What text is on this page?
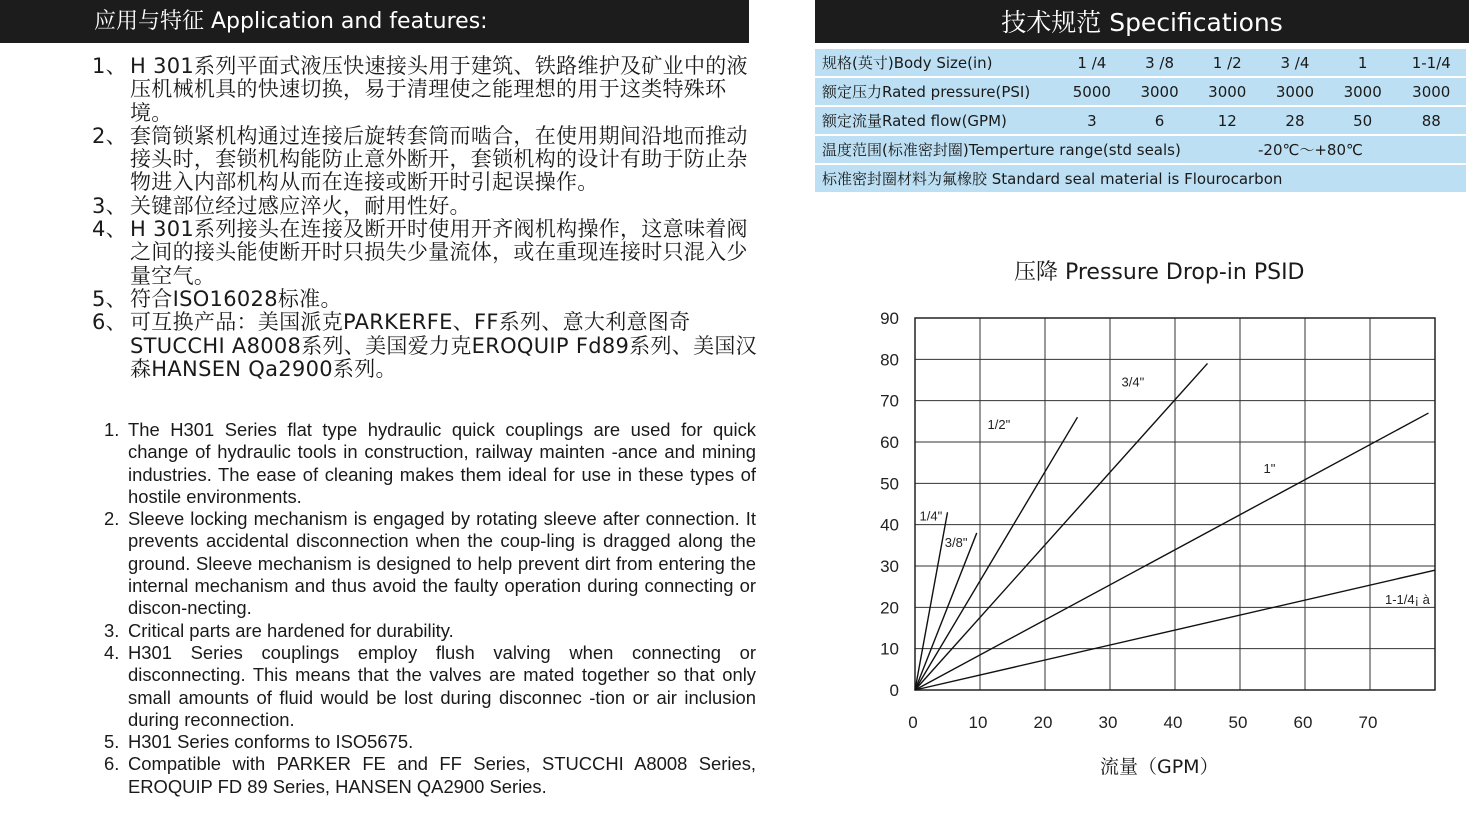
应用与特征 Application and features:	技术规范 Specifications
1、 H 301系列平面式液压快速接头用于建筑、铁路维护及矿业中的液压机械机具的快速切换，易于清理使之能理想的用于这类特殊环境。
2、 套筒锁紧机构通过连接后旋转套筒而啮合，在使用期间沿地而推动接头时，套锁机构能防止意外断开，套锁机构的设计有助于防止杂物进入内部机构从而在连接或断开时引起误操作。
3、 关键部位经过感应淬火，耐用性好。
4、 H 301系列接头在连接及断开时使用开齐阀机构操作，这意味着阀之间的接头能使断开时只损失少量流体，或在重现连接时只混入少量空气。
5、 符合ISO16028标准。
6、 可互换产品：美国派克PARKERFE、FF系列、意大利意图奇STUCCHI A8008系列、美国爱力克EROQUIP Fd89系列、美国汉森HANSEN Qa2900系列。
1. The H301 Series flat type hydraulic quick couplings are used for quick change of hydraulic tools in construction, railway mainten -ance and mining industries. The ease of cleaning makes them ideal for use in these types of hostile environments.
2. Sleeve locking mechanism is engaged by rotating sleeve after connection. It prevents accidental disconnection when the coup-ling is dragged along the ground. Sleeve mechanism is designed to help prevent dirt from entering the internal mechanism and thus avoid the faulty operation during connecting or discon-necting.
3. Critical parts are hardened for durability.
4. H301 Series couplings employ flush valving when connecting or disconnecting. This means that the valves are mated together so that only small amounts of fluid would be lost during disconnec -tion or air inclusion during reconnection.
5. H301 Series conforms to ISO5675.
6. Compatible with PARKER FE and FF Series, STUCCHI A8008 Series, EROQUIP FD 89 Series, HANSEN QA2900 Series.
规格(英寸)Body Size(in)	1 /4	3 /8	1 /2	3 /4	1	1-1/4
额定压力Rated pressure(PSI)	5000	3000	3000	3000	3000	3000
额定流量Rated flow(GPM)	3	6	12	28	50	88

温度范围(标准密封圈)Temperture range(std seals) -20℃～+80℃						
标准密封圈材料为氟橡胶 Standard seal material is Flourocarbon						
压降 Pressure Drop-in PSID
0
10
20
30
40
50
60
70
80
90
0	10	20	30	40	50	60	70
1/4"
3/8"
1/2"
3/4"
1"
1-1/4¡ à
流量（GPM）
